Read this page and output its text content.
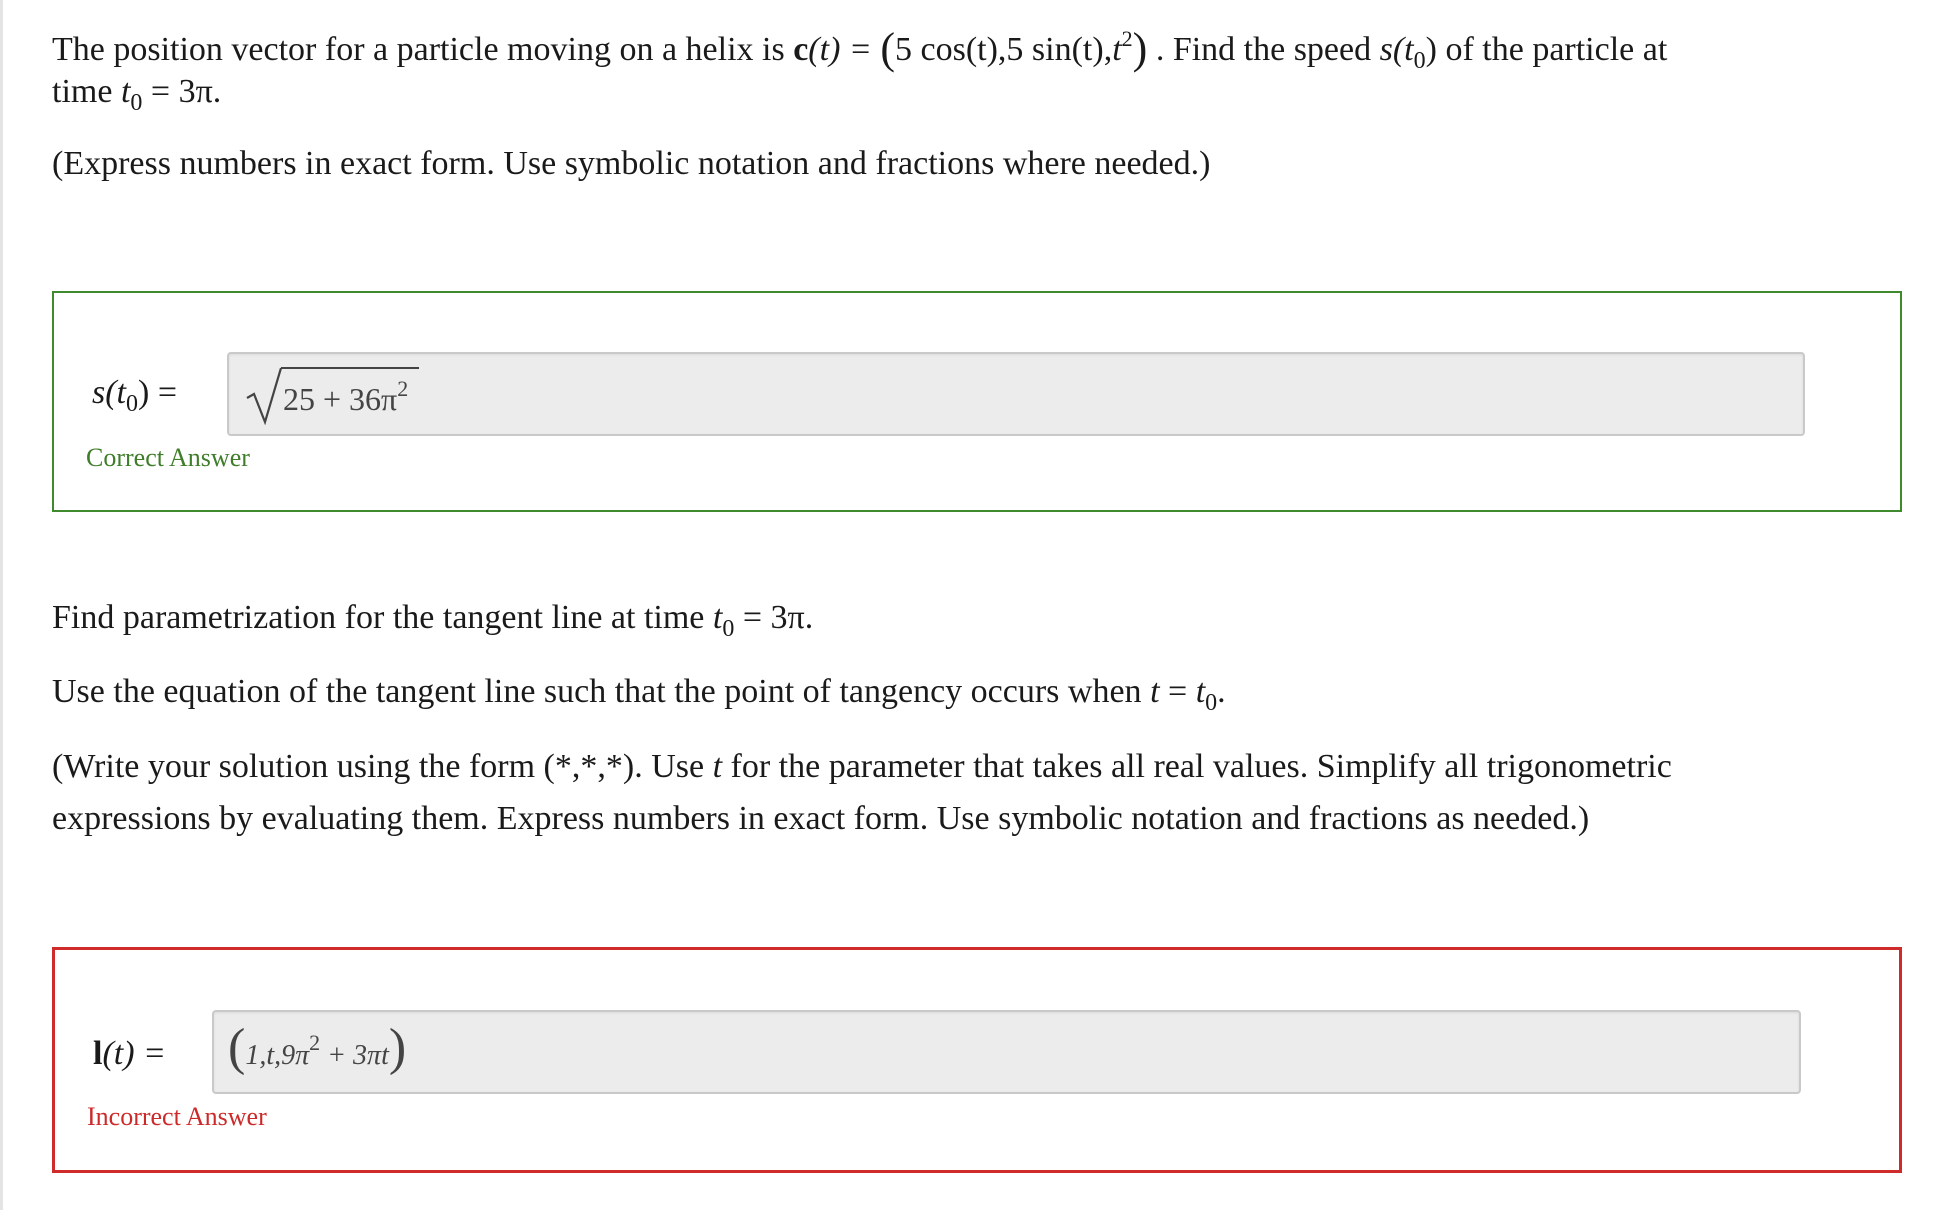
The position vector for a particle moving on a helix is c(t) = (5 cos(t),5 $\sin(t),t^2$) . Find the speed $s(t_0)$ of the particle at

time $t_0 = 3\pi$.

(Express numbers in exact form. Use symbolic notation and fractions where needed.)

$s(t_0)$ =	$25 + 36\pi^2$
Correct Answer

Find parametrization for the tangent line at time $t_0 = 3\pi$.

Use the equation of the tangent line such that the point of tangency occurs when $t = t_0$.

(Write your solution using the form (*,*,*). Use t for the parameter that takes all real values. Simplify all trigonometric

expressions by evaluating them. Express numbers in exact form. Use symbolic notation and fractions as needed.)

$l(t) = (1,t,9\pi^2 + 3\pi t)$
Incorrect Answer
